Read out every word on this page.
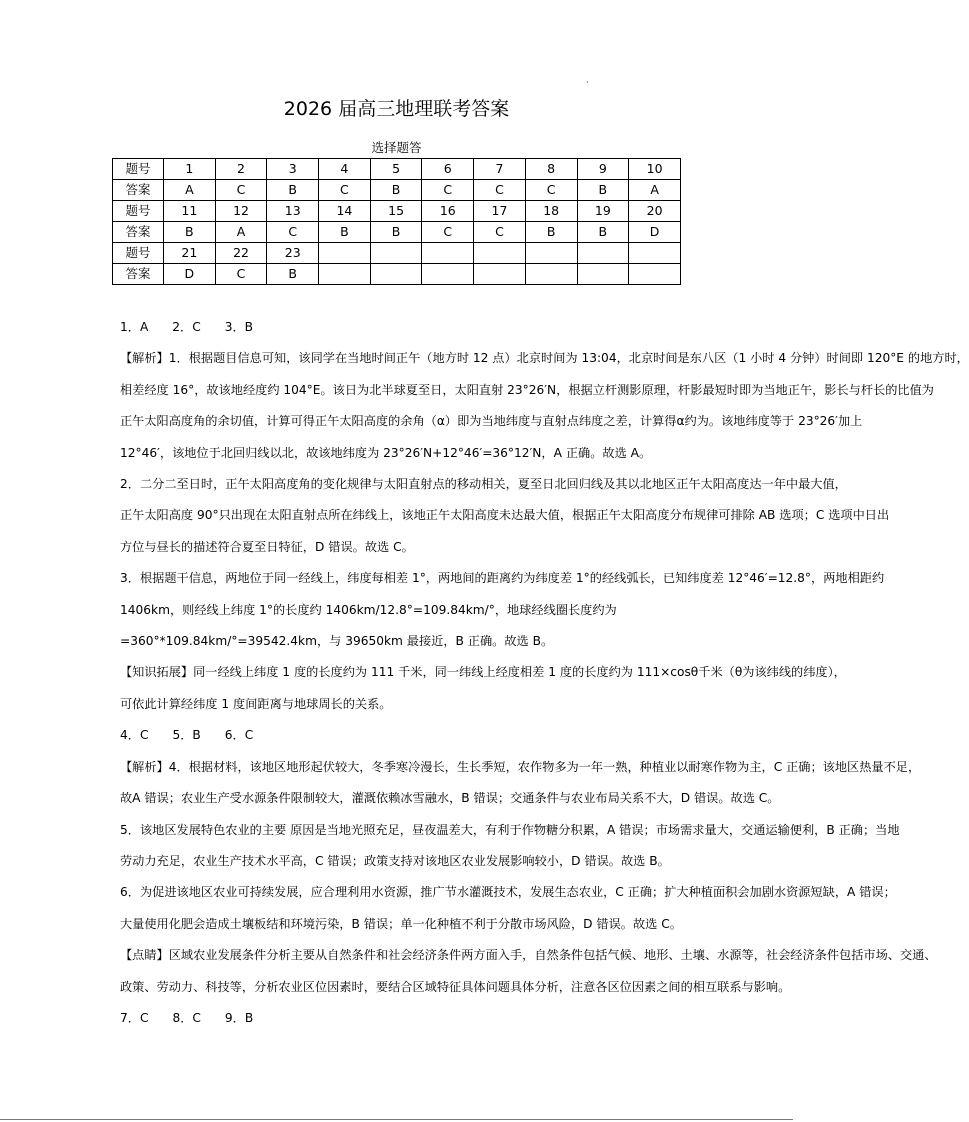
·
2026 届高三地理联考答案
选择题答
题号	1	2	3	4	5	6	7	8	9	10
答案	A	C	B	C	B	C	C	C	B	A
题号	11	12	13	14	15	16	17	18	19	20
答案	B	A	C	B	B	C	C	B	B	D
题号	21	22	23							
答案	D	C	B							

1．A 2．C 3．B

【解析】1．根据题目信息可知，该同学在当地时间正午（地方时 12 点）北京时间为 13:04，北京时间是东八区（1 小时 4 分钟）时间即 120°E 的地方时，

相差经度 16°，故该地经度约 104°E。该日为北半球夏至日，太阳直射 23°26′N，根据立杆测影原理，杆影最短时即为当地正午，影长与杆长的比值为

正午太阳高度角的余切值，计算可得正午太阳高度的余角（α）即为当地纬度与直射点纬度之差，计算得α约为。该地纬度等于 23°26′加上

12°46′，该地位于北回归线以北，故该地纬度为 23°26′N+12°46′=36°12′N，A 正确。故选 A。

2．二分二至日时，正午太阳高度角的变化规律与太阳直射点的移动相关，夏至日北回归线及其以北地区正午太阳高度达一年中最大值，

正午太阳高度 90°只出现在太阳直射点所在纬线上，该地正午太阳高度未达最大值，根据正午太阳高度分布规律可排除 AB 选项；C 选项中日出

方位与昼长的描述符合夏至日特征，D 错误。故选 C。

3．根据题干信息，两地位于同一经线上，纬度每相差 1°，两地间的距离约为纬度差 1°的经线弧长，已知纬度差 12°46′=12.8°，两地相距约

1406km，则经线上纬度 1°的长度约 1406km/12.8°=109.84km/°，地球经线圈长度约为

=360°*109.84km/°=39542.4km，与 39650km 最接近，B 正确。故选 B。

【知识拓展】同一经线上纬度 1 度的长度约为 111 千米，同一纬线上经度相差 1 度的长度约为 111×cosθ千米（θ为该纬线的纬度），

可依此计算经纬度 1 度间距离与地球周长的关系。

4．C 5．B 6．C

【解析】4．根据材料，该地区地形起伏较大，冬季寒冷漫长，生长季短，农作物多为一年一熟，种植业以耐寒作物为主，C 正确；该地区热量不足，

故A 错误；农业生产受水源条件限制较大，灌溉依赖冰雪融水，B 错误；交通条件与农业布局关系不大，D 错误。故选 C。

5．该地区发展特色农业的主要 原因是当地光照充足，昼夜温差大，有利于作物糖分积累，A 错误；市场需求量大，交通运输便利，B 正确；当地

劳动力充足，农业生产技术水平高，C 错误；政策支持对该地区农业发展影响较小，D 错误。故选 B。

6．为促进该地区农业可持续发展，应合理利用水资源，推广节水灌溉技术，发展生态农业，C 正确；扩大种植面积会加剧水资源短缺，A 错误；

大量使用化肥会造成土壤板结和环境污染，B 错误；单一化种植不利于分散市场风险，D 错误。故选 C。

【点睛】区域农业发展条件分析主要从自然条件和社会经济条件两方面入手，自然条件包括气候、地形、土壤、水源等，社会经济条件包括市场、交通、

政策、劳动力、科技等，分析农业区位因素时，要结合区域特征具体问题具体分析，注意各区位因素之间的相互联系与影响。

7．C 8．C 9．B
